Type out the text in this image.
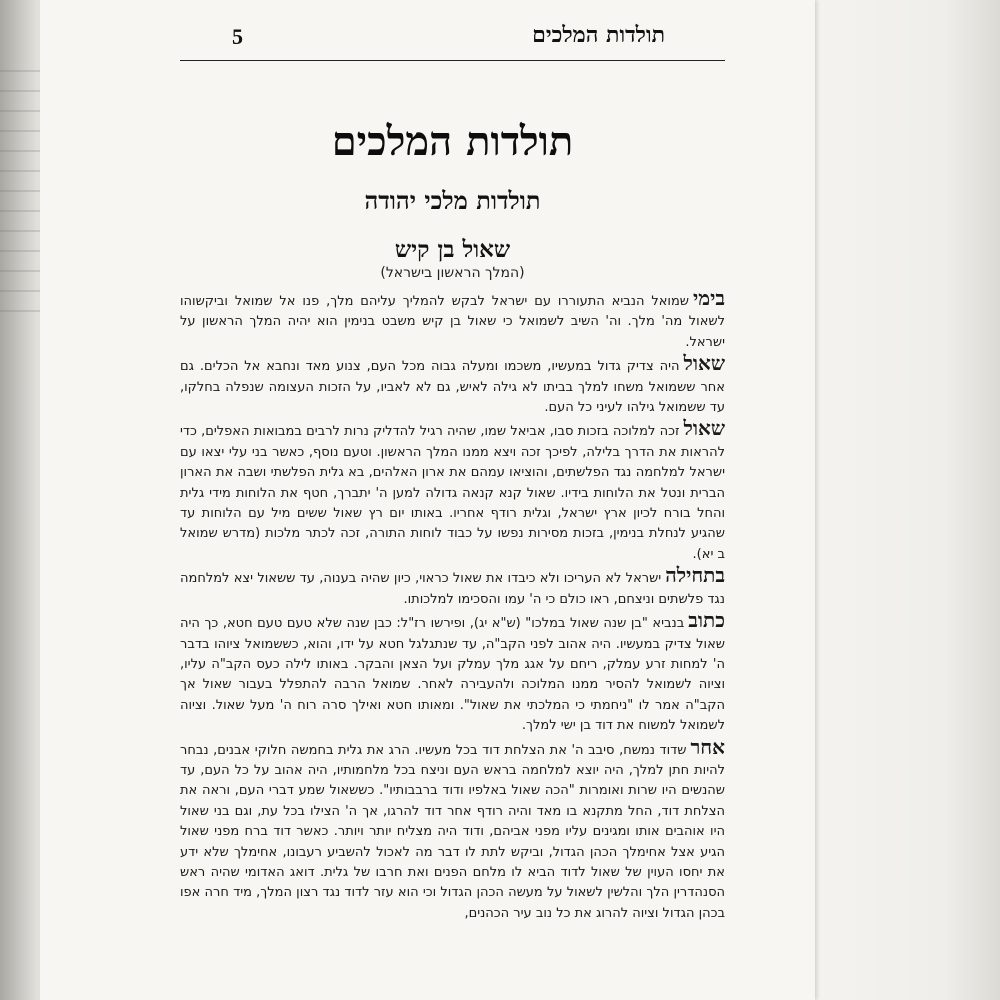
5	תולדות המלכים
תולדות המלכים
תולדות מלכי יהודה
שאול בן קיש
(המלך הראשון בישראל)

בימישמואל הנביא התעוררו עם ישראל לבקש להמליך עליהם מלך, פנו אל שמואל וביקשוהו לשאול מה' מלך. וה' השיב לשמואל כי שאול בן קיש משבט בנימין הוא יהיה המלך הראשון על ישראל.

שאולהיה צדיק גדול במעשיו, משכמו ומעלה גבוה מכל העם, צנוע מאד ונחבא אל הכלים. גם אחר ששמואל משחו למלך בביתו לא גילה לאיש, גם לא לאביו, על הזכות העצומה שנפלה בחלקו, עד ששמואל גילהו לעיני כל העם.

שאולזכה למלוכה בזכות סבו, אביאל שמו, שהיה רגיל להדליק נרות לרבים במבואות האפלים, כדי להראות את הדרך בלילה, לפיכך זכה ויצא ממנו המלך הראשון. וטעם נוסף, כאשר בני עלי יצאו עם ישראל למלחמה נגד הפלשתים, והוציאו עמהם את ארון האלהים, בא גלית הפלשתי ושבה את הארון הברית ונטל את הלוחות בידיו. שאול קנא קנאה גדולה למען ה' יתברך, חטף את הלוחות מידי גלית והחל בורח לכיון ארץ ישראל, וגלית רודף אחריו. באותו יום רץ שאול ששים מיל עם הלוחות עד שהגיע לנחלת בנימין, בזכות מסירות נפשו על כבוד לוחות התורה, זכה לכתר מלכות (מדרש שמואל ב יא).

בתחילהישראל לא העריכו ולא כיבדו את שאול כראוי, כיון שהיה בענוה, עד ששאול יצא למלחמה נגד פלשתים וניצחם, ראו כולם כי ה' עמו והסכימו למלכותו.

כתובבנביא "בן שנה שאול במלכו" (ש"א יג), ופירשו רז"ל: כבן שנה שלא טעם טעם חטא, כך היה שאול צדיק במעשיו. היה אהוב לפני הקב"ה, עד שנתגלגל חטא על ידו, והוא, כששמואל ציוהו בדבר ה' למחות זרע עמלק, ריחם על אגג מלך עמלק ועל הצאן והבקר. באותו לילה כעס הקב"ה עליו, וציוה לשמואל להסיר ממנו המלוכה ולהעבירה לאחר. שמואל הרבה להתפלל בעבור שאול אך הקב"ה אמר לו "ניחמתי כי המלכתי את שאול". ומאותו חטא ואילך סרה רוח ה' מעל שאול. וציוה לשמואל למשוח את דוד בן ישי למלך.

אחרשדוד נמשח, סיבב ה' את הצלחת דוד בכל מעשיו. הרג את גלית בחמשה חלוקי אבנים, נבחר להיות חתן למלך, היה יוצא למלחמה בראש העם וניצח בכל מלחמותיו, היה אהוב על כל העם, עד שהנשים היו שרות ואומרות "הכה שאול באלפיו ודוד ברבבותיו". כששאול שמע דברי העם, וראה את הצלחת דוד, החל מתקנא בו מאד והיה רודף אחר דוד להרגו, אך ה' הצילו בכל עת, וגם בני שאול היו אוהבים אותו ומגינים עליו מפני אביהם, ודוד היה מצליח יותר ויותר. כאשר דוד ברח מפני שאול הגיע אצל אחימלך הכהן הגדול, וביקש לתת לו דבר מה לאכול להשביע רעבונו, אחימלך שלא ידע את יחסו העוין של שאול לדוד הביא לו מלחם הפנים ואת חרבו של גלית. דואג האדומי שהיה ראש הסנהדרין הלך והלשין לשאול על מעשה הכהן הגדול וכי הוא עזר לדוד נגד רצון המלך, מיד חרה אפו בכהן הגדול וציוה להרוג את כל נוב עיר הכהנים,
